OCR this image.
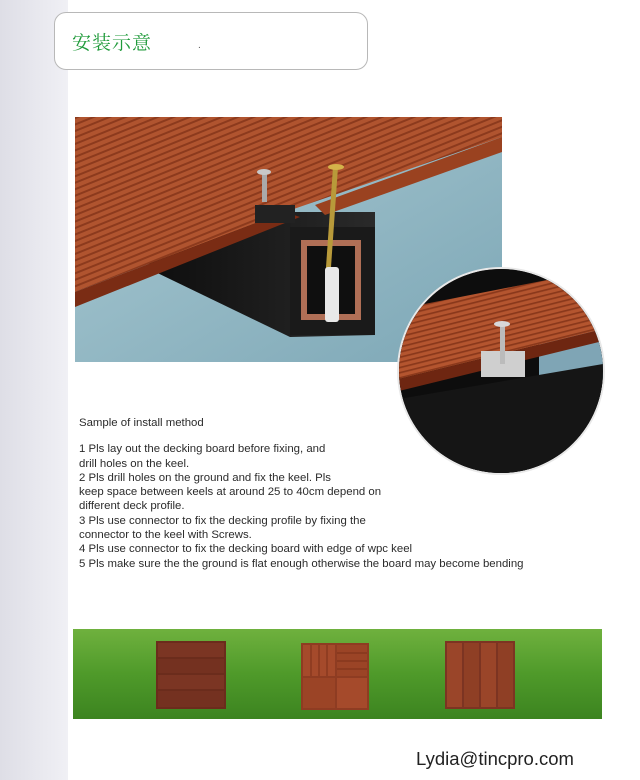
安装示意	.
Sample of install method
1 Pls lay out the decking board before fixing, and
drill holes on the keel.
2 Pls drill holes on the ground and fix the keel. Pls
keep space between keels at around 25 to 40cm depend on
different deck profile.
3 Pls use connector to fix the decking profile by fixing the
connector to the keel with Screws.
4 Pls use connector to fix the decking board with edge of wpc keel
5 Pls make sure the the ground is flat enough otherwise the board may become bending
Lydia@tincpro.com
